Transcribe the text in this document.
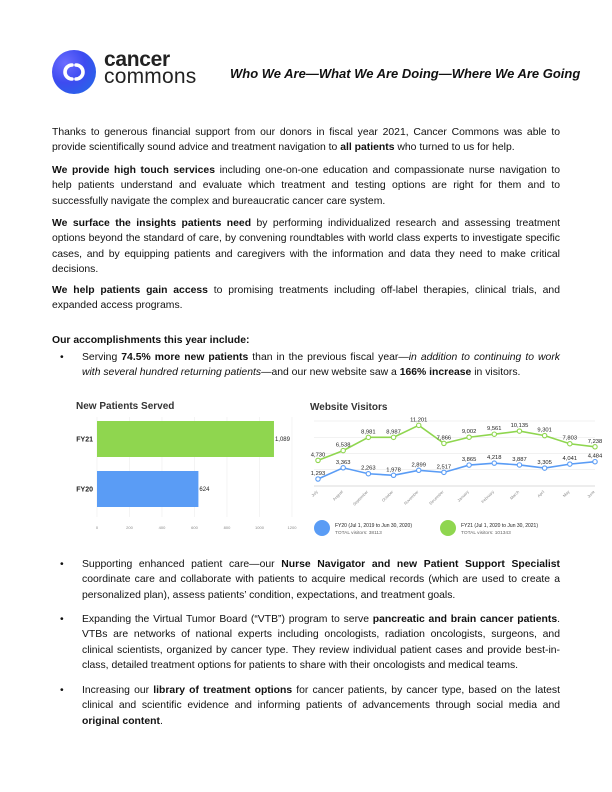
cancer
commons	Who We Are—What We Are Doing—Where We Are Going
Thanks to generous financial support from our donors in fiscal year 2021, Cancer Commons was able to provide scientifically sound advice and treatment navigation to all patients who turned to us for help.
We provide high touch services including one-on-one education and compassionate nurse navigation to help patients understand and evaluate which treatment and testing options are right for them and to successfully navigate the complex and bureaucratic cancer care system.
We surface the insights patients need by performing individualized research and assessing treatment options beyond the standard of care, by convening roundtables with world class experts to investigate specific cases, and by equipping patients and caregivers with the information and data they need to make critical decisions.
We help patients gain access to promising treatments including off-label therapies, clinical trials, and expanded access programs.
Our accomplishments this year include:
• Serving 74.5% more new patients than in the previous fiscal year—in addition to continuing to work with several hundred returning patients—and our new website saw a 166% increase in visitors.
New Patients Served
0	200	400	600	800	1000	1200
FY21	1,089
FY20	624
Website Visitors
July	August September	October November December	January	February	March	April	May	June
4,730
6,538
8,981 8,987
11,201
7,866
9,002
9,561
10,135
9,301
7,803
7,238
1,293
3,363
2,263 1,978
2,899 2,517
3,865 4,218 3,887
3,305
4,041 4,484
FY20 (Jul 1, 2019 to Jun 30, 2020)
TOTAL visitors: 38113
FY21 (Jul 1, 2020 to Jun 30, 2021)
TOTAL visitors: 101343
• Supporting enhanced patient care—our Nurse Navigator and new Patient Support Specialist coordinate care and collaborate with patients to acquire medical records (which are used to create a personalized plan), assess patients’ condition, expectations, and treatment goals.
• Expanding the Virtual Tumor Board (“VTB”) program to serve pancreatic and brain cancer patients. VTBs are networks of national experts including oncologists, radiation oncologists, surgeons, and clinical scientists, organized by cancer type. They review individual patient cases and provide best-in-class, detailed treatment options for patients to share with their oncologists and medical teams.
• Increasing our library of treatment options for cancer patients, by cancer type, based on the latest clinical and scientific evidence and informing patients of advancements through social media and original content.
